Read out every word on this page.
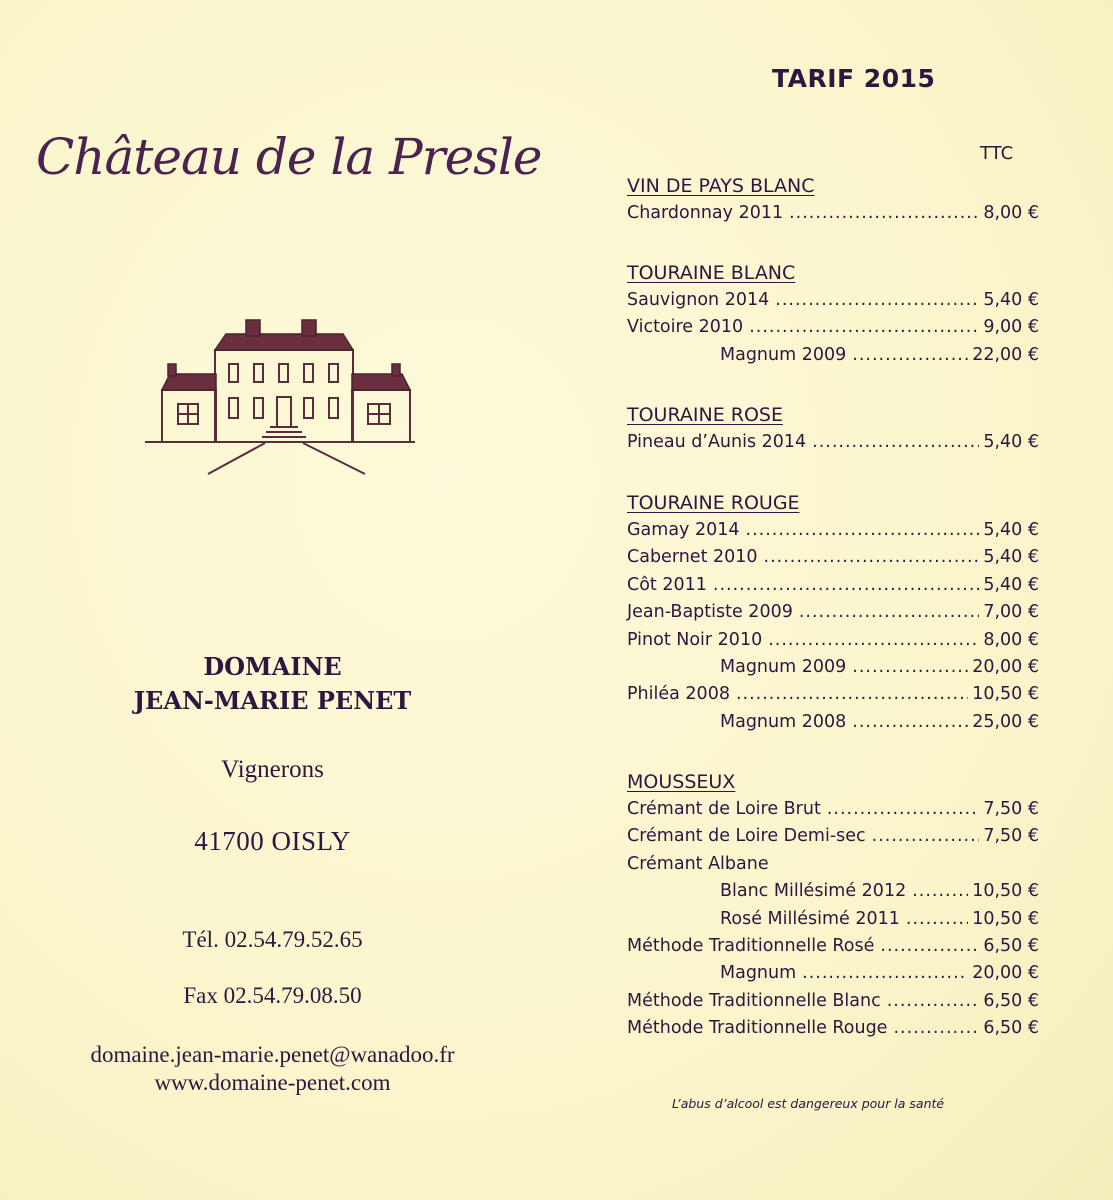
Château de la Presle
DOMAINE
JEAN-MARIE PENET
Vignerons
41700 OISLY
Tél. 02.54.79.52.65
Fax 02.54.79.08.50
domaine.jean-marie.penet@wanadoo.fr
www.domaine-penet.com
TARIF 2015
TTC
VIN DE PAYS BLANC
Chardonnay 2011 .....	8,00 €
TOURAINE BLANC
Sauvignon 2014 .....	5,40 €
Victoire 2010 .....	9,00 €
Magnum 2009 .....	22,00 €
TOURAINE ROSE
Pineau d’Aunis 2014 .....	5,40 €
TOURAINE ROUGE
Gamay 2014 .....	5,40 €
Cabernet 2010 .....	5,40 €
Côt 2011 .....	5,40 €
Jean-Baptiste 2009 .....	7,00 €
Pinot Noir 2010 .....	8,00 €
Magnum 2009 .....	20,00 €
Philéa 2008 .....	10,50 €
Magnum 2008 .....	25,00 €
MOUSSEUX
Crémant de Loire Brut .....	7,50 €
Crémant de Loire Demi-sec .....	7,50 €
Crémant Albane
Blanc Millésimé 2012 .....	10,50 €
Rosé Millésimé 2011 .....	10,50 €
Méthode Traditionnelle Rosé .....	6,50 €
Magnum .....	20,00 €
Méthode Traditionnelle Blanc .....	6,50 €
Méthode Traditionnelle Rouge .....	6,50 €
L’abus d’alcool est dangereux pour la santé
